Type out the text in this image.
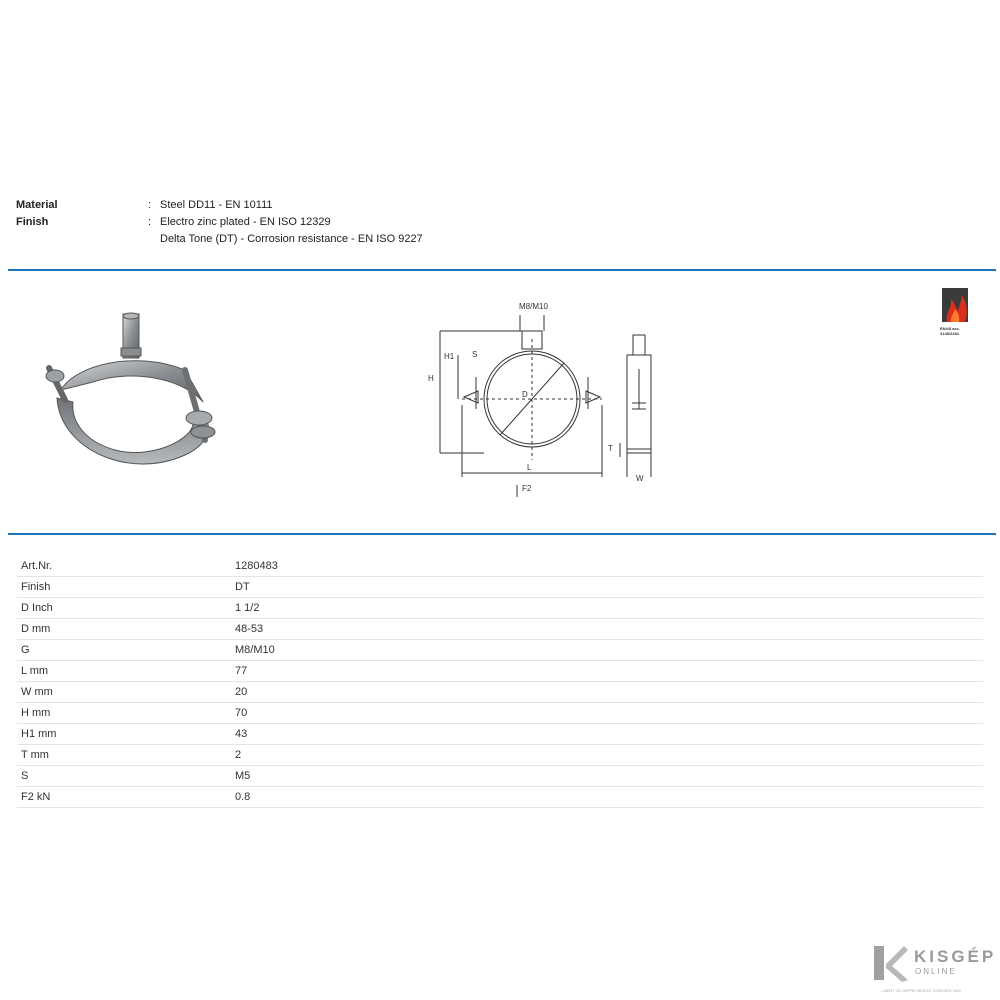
Material	: Steel DD11 - EN 10111
Finish	: Electro zinc plated - EN ISO 12329
Delta Tone (DT) - Corrosion resistance - EN ISO 9227
M8/M10
H1 S
H
D
L
F2
T
W
EN4/8 acc.
3148/2484
Art.Nr.	1280483
Finish	DT
D Inch	1 1/2
D mm	48-53
G	M8/M10
L mm	77
W mm	20
H mm	70
H1 mm	43
T mm	2
S	M5
F2 kN	0.8
KISGÉP
ONLINE
...MERT JÓ GÉPRE MINDIG SZÜKSÉG VAN
